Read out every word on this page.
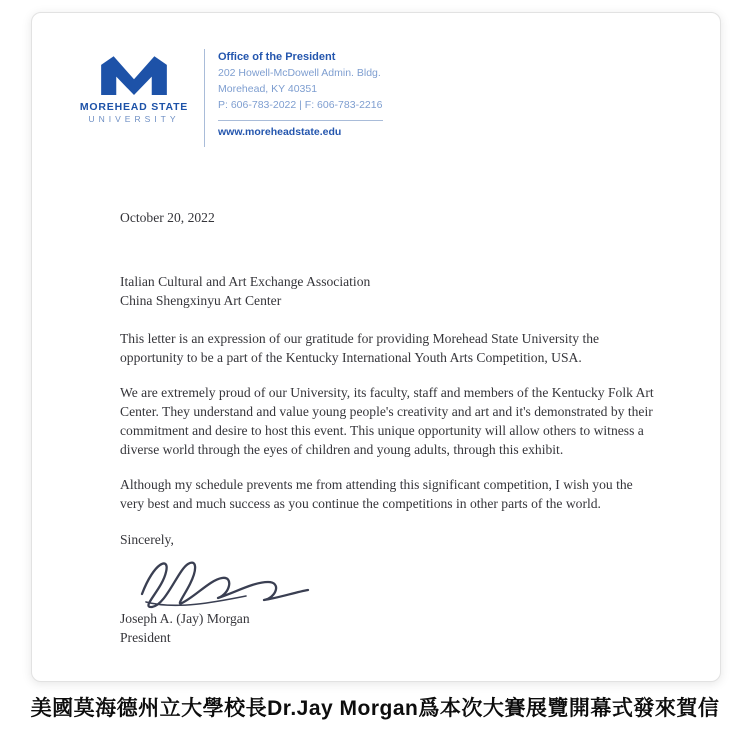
MOREHEAD STATE
UNIVERSITY
Office of the President
202 Howell-McDowell Admin. Bldg.
Morehead, KY 40351
P: 606-783-2022 | F: 606-783-2216
www.moreheadstate.edu

October 20, 2022

Italian Cultural and Art Exchange Association
China Shengxinyu Art Center

This letter is an expression of our gratitude for providing Morehead State University the opportunity to be a part of the Kentucky International Youth Arts Competition, USA.

We are extremely proud of our University, its faculty, staff and members of the Kentucky Folk Art Center. They understand and value young people's creativity and art and it's demonstrated by their commitment and desire to host this event. This unique opportunity will allow others to witness a diverse world through the eyes of children and young adults, through this exhibit.

Although my schedule prevents me from attending this significant competition, I wish you the very best and much success as you continue the competitions in other parts of the world.

Sincerely,

Joseph A. (Jay) Morgan

President

美國莫海德州立大學校長Dr.Jay Morgan爲本次大賽展覽開幕式發來賀信
